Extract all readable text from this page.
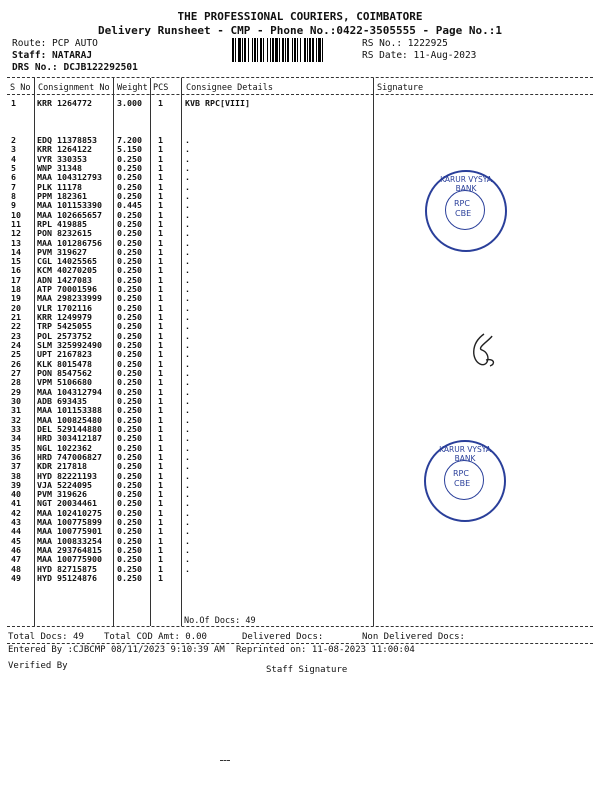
THE PROFESSIONAL COURIERS, COIMBATORE
Delivery Runsheet - CMP - Phone No.:0422-3505555 - Page No.:1
Route: PCP AUTO
Staff: NATARAJ
DRS No.: DCJB122292501
RS No.: 1222925
RS Date: 11-Aug-2023
S No Consignment No Weight PCS Consignee Details	Signature
1	KRR 1264772	3.000 1	KVB RPC[VIII]
2	EDQ 11378853 7.200 1	.
3	KRR 1264122	5.150 1	.
4	VYR 330353	0.250 1	.
5	WNP 31348	0.250 1	.
6	MAA 104312793 0.250 1	.
7	PLK 11178	0.250 1	.
8	PPM 182361	0.250 1	.
9	MAA 101153390 0.445 1	.
10 MAA 102665657 0.250 1	.
11 RPL 419885	0.250 1	.
12 PON 8232615	0.250 1	.
13 MAA 101286756 0.250 1	.
14 PVM 319627	0.250 1	.
15 CGL 14025565 0.250 1	.
16 KCM 40270205 0.250 1	.
17 ADN 1427083	0.250 1	.
18 ATP 70001596 0.250 1	.
19 MAA 298233999 0.250 1	.
20 VLR 1702116	0.250 1	.
21 KRR 1249979	0.250 1	.
22 TRP 5425055	0.250 1	.
23 POL 2573752	0.250 1	.
24 SLM 325992490 0.250 1	.
25 UPT 2167823	0.250 1	.
26 KLK 8015478	0.250 1	.
27 PON 8547562	0.250 1	.
28 VPM 5106680	0.250 1	.
29 MAA 104312794 0.250 1	.
30 ADB 693435	0.250 1	.
31 MAA 101153388 0.250 1	.
32 MAA 100825480 0.250 1	.
33 DEL 529144880 0.250 1	.
34 HRD 303412187 0.250 1	.
35 NGL 1022362	0.250 1	.
36 HRD 747006827 0.250 1	.
37 KDR 217818	0.250 1	.
38 HYD 82221193 0.250 1	.
39 VJA 5224095	0.250 1	.
40 PVM 319626	0.250 1	.
41 NGT 20034461 0.250 1	.
42 MAA 102410275 0.250 1	.
43 MAA 100775899 0.250 1	.
44 MAA 100775901 0.250 1	.
45 MAA 100833254 0.250 1	.
46 MAA 293764815 0.250 1	.
47 MAA 100775900 0.250 1	.
48 HYD 82715875 0.250 1	.
49 HYD 95124876 0.250 1
No.Of Docs: 49
Total Docs: 49 Total COD Amt: 0.00	Delivered Docs:	Non Delivered Docs:
Entered By :CJBCMP 08/11/2023 9:10:39 AM Reprinted on: 11-08-2023 11:00:04
Verified By	Staff Signature
KARUR VYSYA BANK
RPC
CBE
KARUR VYSYA BANK
RPC
CBE
